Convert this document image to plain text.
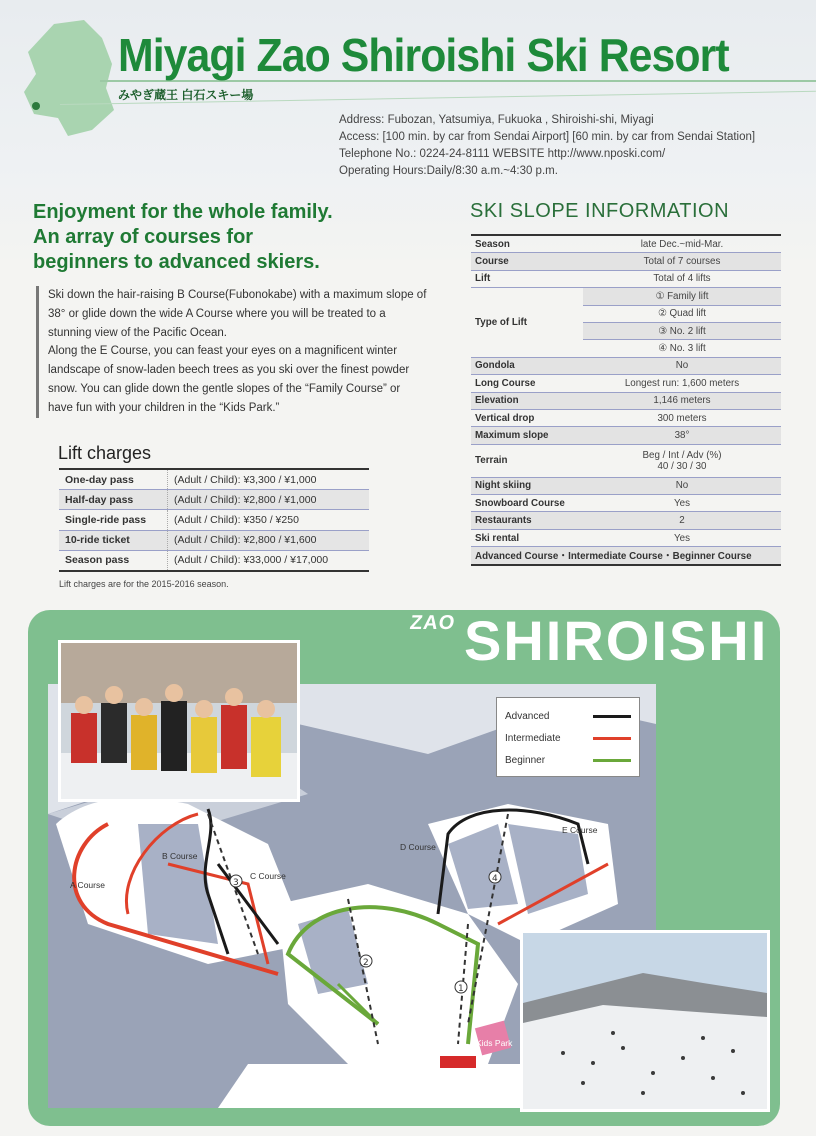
Miyagi Zao Shiroishi Ski Resort
みやぎ蔵王 白石スキー場
Address: Fubozan, Yatsumiya, Fukuoka , Shiroishi-shi, Miyagi
Access: [100 min. by car from Sendai Airport] [60 min. by car from Sendai Station]
Telephone No.: 0224-24-8111 WEBSITE http://www.nposki.com/
Operating Hours:Daily/8:30 a.m.~4:30 p.m.
Enjoyment for the whole family.
An array of courses for
beginners to advanced skiers.

Ski down the hair-raising B Course(Fubonokabe) with a maximum slope of 38° or glide down the wide A Course where you will be treated to a stunning view of the Pacific Ocean.

Along the E Course, you can feast your eyes on a magnificent winter landscape of snow-laden beech trees as you ski over the finest powder snow. You can glide down the gentle slopes of the “Family Course” or have fun with your children in the “Kids Park.”

Lift charges
One-day pass	(Adult / Child): ¥3,300 / ¥1,000
Half-day pass	(Adult / Child): ¥2,800 / ¥1,000
Single-ride pass	(Adult / Child): ¥350 / ¥250
10-ride ticket	(Adult / Child): ¥2,800 / ¥1,600
Season pass	(Adult / Child): ¥33,000 / ¥17,000
Lift charges are for the 2015-2016 season.
SKI SLOPE INFORMATION
Season	late Dec.~mid-Mar.
Course	Total of 7 courses
Lift	Total of 4 lifts
Type of Lift	① Family lift
	② Quad lift
	③ No. 2 lift
	④ No. 3 lift
Gondola	No
Long Course	Longest run: 1,600 meters
Elevation	1,146 meters
Vertical drop	300 meters
Maximum slope	38°
Terrain	Beg / Int / Adv (%)
40 / 30 / 30

Night skiing	No
Snowboard Course	Yes
Restaurants	2
Ski rental	Yes
Advanced Course・Intermediate Course・Beginner Course	
ZAO SHIROISHI
1
2
3	4
A Course
B Course
C Course
D Course
E Course
Family
Course
Kids Park
Advanced
Intermediate
Beginner
